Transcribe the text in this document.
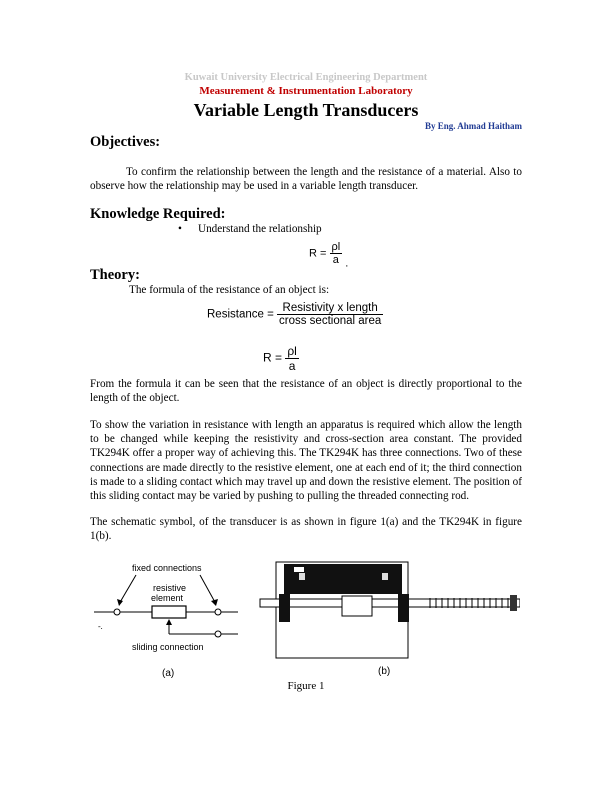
Kuwait University Electrical Engineering Department
Measurement & Instrumentation Laboratory
Variable Length Transducers
By Eng. Ahmad Haitham
Objectives:
To confirm the relationship between the length and the resistance of a material. Also to observe how the relationship may be used in a variable length transducer.
Knowledge Required:
• Understand the relationship
$R = \frac{\rho l}{a}$ .
Theory:
The formula of the resistance of an object is:
Resistance = $\frac{\text{Resistivity x length}}{\text{cross sectional area}}$
$R = \frac{\rho l}{a}$
From the formula it can be seen that the resistance of an object is directly proportional to the length of the object.
To show the variation in resistance with length an apparatus is required which allow the length to be changed while keeping the resistivity and cross-section area constant. The provided TK294K offer a proper way of achieving this. The TK294K has three connections. Two of these connections are made directly to the resistive element, one at each end of it; the third connection is made to a sliding contact which may travel up and down the resistive element. The position of this sliding contact may be varied by pushing to pulling the threaded connecting rod.
The schematic symbol, of the transducer is as shown in figure 1(a) and the TK294K in figure 1(b).
fixed connections
resistive
element
-.
sliding connection
(a)	(b)
Figure 1
